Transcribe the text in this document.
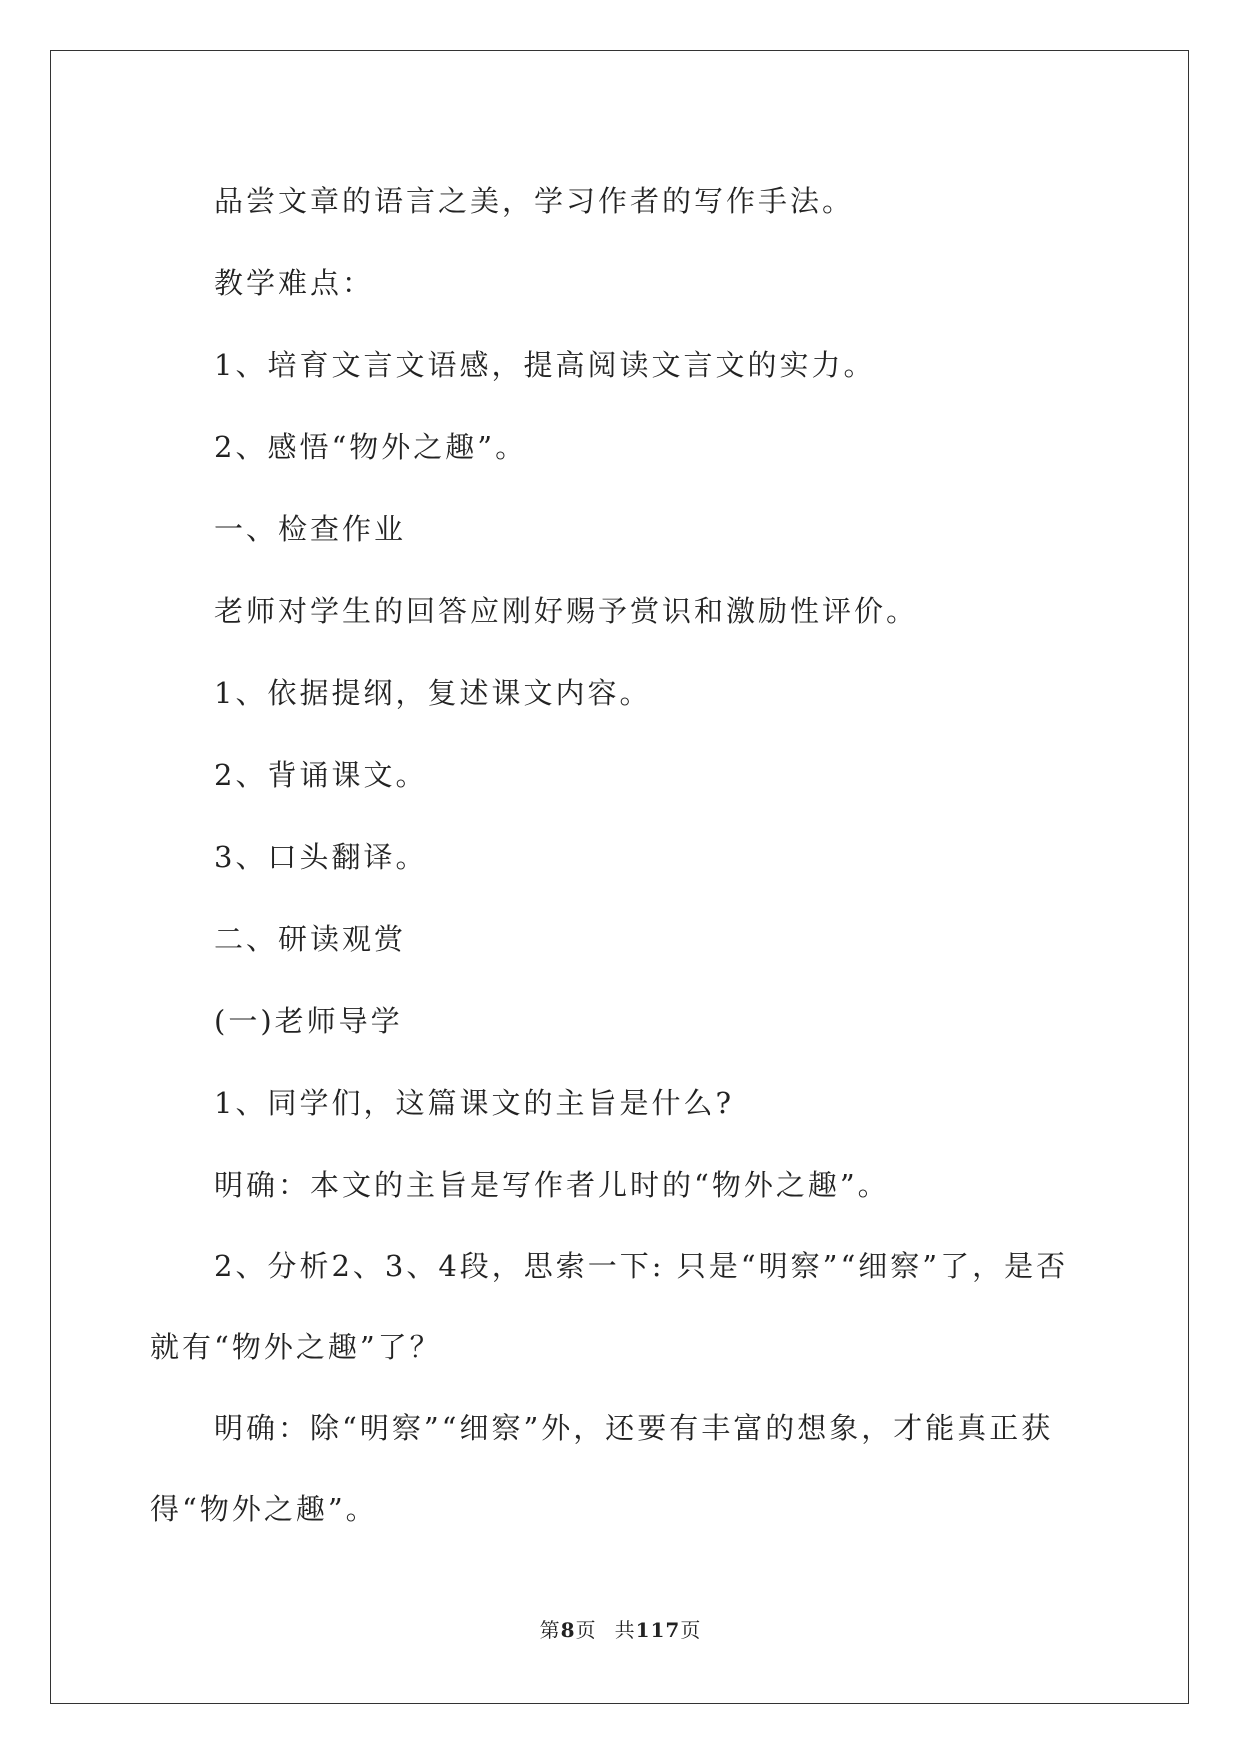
品尝文章的语言之美，学习作者的写作手法。

教学难点：

1、培育文言文语感，提高阅读文言文的实力。

2、感悟“物外之趣”。

一、检查作业

老师对学生的回答应刚好赐予赏识和激励性评价。

1、依据提纲，复述课文内容。

2、背诵课文。

3、口头翻译。

二、研读观赏

(一)老师导学

1、同学们，这篇课文的主旨是什么?

明确：本文的主旨是写作者儿时的“物外之趣”。

2、分析2、3、4段，思索一下: 只是“明察”“细察”了，是否就有“物外之趣”了？

明确：除“明察”“细察”外，还要有丰富的想象，才能真正获得“物外之趣”。

第8页 共117页
